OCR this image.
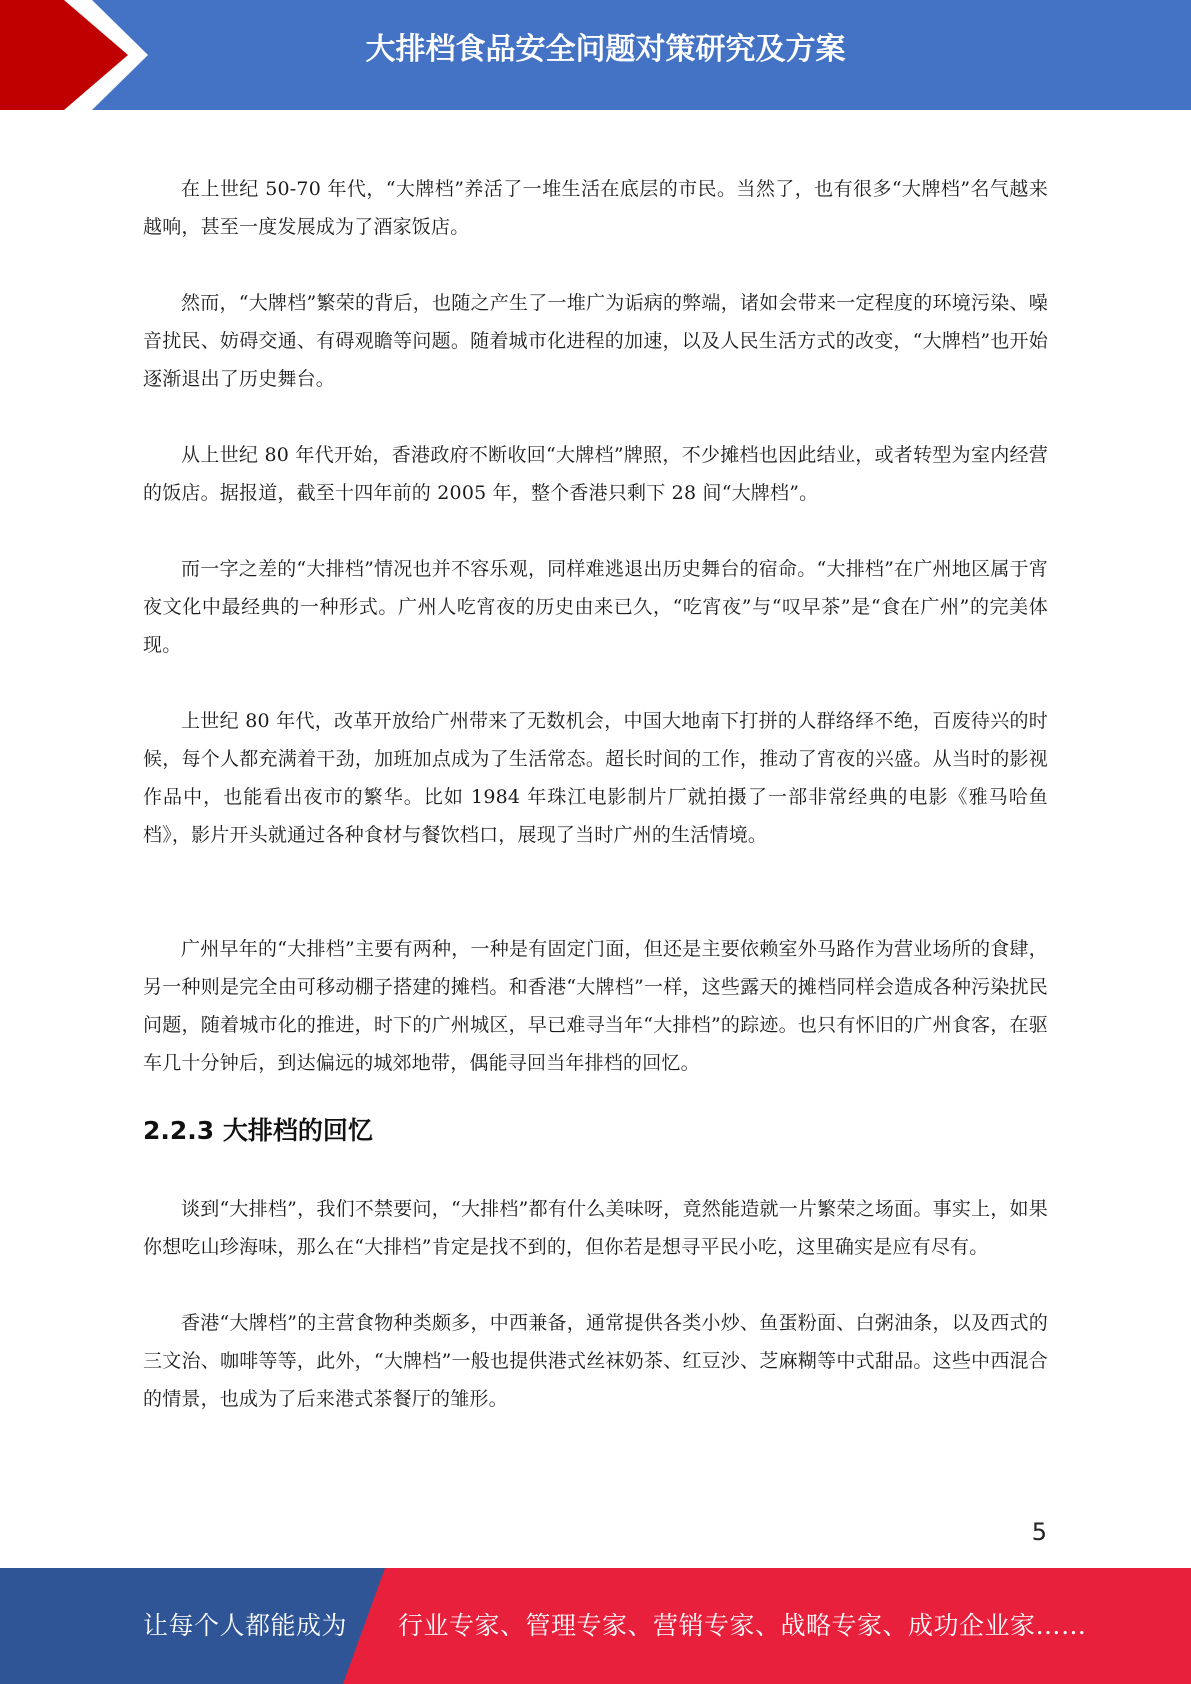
大排档食品安全问题对策研究及方案

在上世纪 50-70 年代，“大牌档”养活了一堆生活在底层的市民。当然了，也有很多“大牌档”名气越来越响，甚至一度发展成为了酒家饭店。

然而，“大牌档”繁荣的背后，也随之产生了一堆广为诟病的弊端，诸如会带来一定程度的环境污染、噪音扰民、妨碍交通、有碍观瞻等问题。随着城市化进程的加速，以及人民生活方式的改变，“大牌档”也开始逐渐退出了历史舞台。

从上世纪 80 年代开始，香港政府不断收回“大牌档”牌照，不少摊档也因此结业，或者转型为室内经营的饭店。据报道，截至十四年前的 2005 年，整个香港只剩下 28 间“大牌档”。

而一字之差的“大排档”情况也并不容乐观，同样难逃退出历史舞台的宿命。“大排档”在广州地区属于宵夜文化中最经典的一种形式。广州人吃宵夜的历史由来已久，“吃宵夜”与“叹早茶”是“食在广州”的完美体现。

上世纪 80 年代，改革开放给广州带来了无数机会，中国大地南下打拼的人群络绎不绝，百废待兴的时候，每个人都充满着干劲，加班加点成为了生活常态。超长时间的工作，推动了宵夜的兴盛。从当时的影视作品中，也能看出夜市的繁华。比如 1984 年珠江电影制片厂就拍摄了一部非常经典的电影《雅马哈鱼档》，影片开头就通过各种食材与餐饮档口，展现了当时广州的生活情境。

广州早年的“大排档”主要有两种，一种是有固定门面，但还是主要依赖室外马路作为营业场所的食肆，另一种则是完全由可移动棚子搭建的摊档。和香港“大牌档”一样，这些露天的摊档同样会造成各种污染扰民问题，随着城市化的推进，时下的广州城区，早已难寻当年“大排档”的踪迹。也只有怀旧的广州食客，在驱车几十分钟后，到达偏远的城郊地带，偶能寻回当年排档的回忆。

2.2.3 大排档的回忆

谈到“大排档”，我们不禁要问，“大排档”都有什么美味呀，竟然能造就一片繁荣之场面。事实上，如果你想吃山珍海味，那么在“大排档”肯定是找不到的，但你若是想寻平民小吃，这里确实是应有尽有。

香港“大牌档”的主营食物种类颇多，中西兼备，通常提供各类小炒、鱼蛋粉面、白粥油条，以及西式的三文治、咖啡等等，此外，“大牌档”一般也提供港式丝袜奶茶、红豆沙、芝麻糊等中式甜品。这些中西混合的情景，也成为了后来港式茶餐厅的雏形。

5
让每个人都能成为 行业专家、管理专家、营销专家、战略专家、成功企业家……
